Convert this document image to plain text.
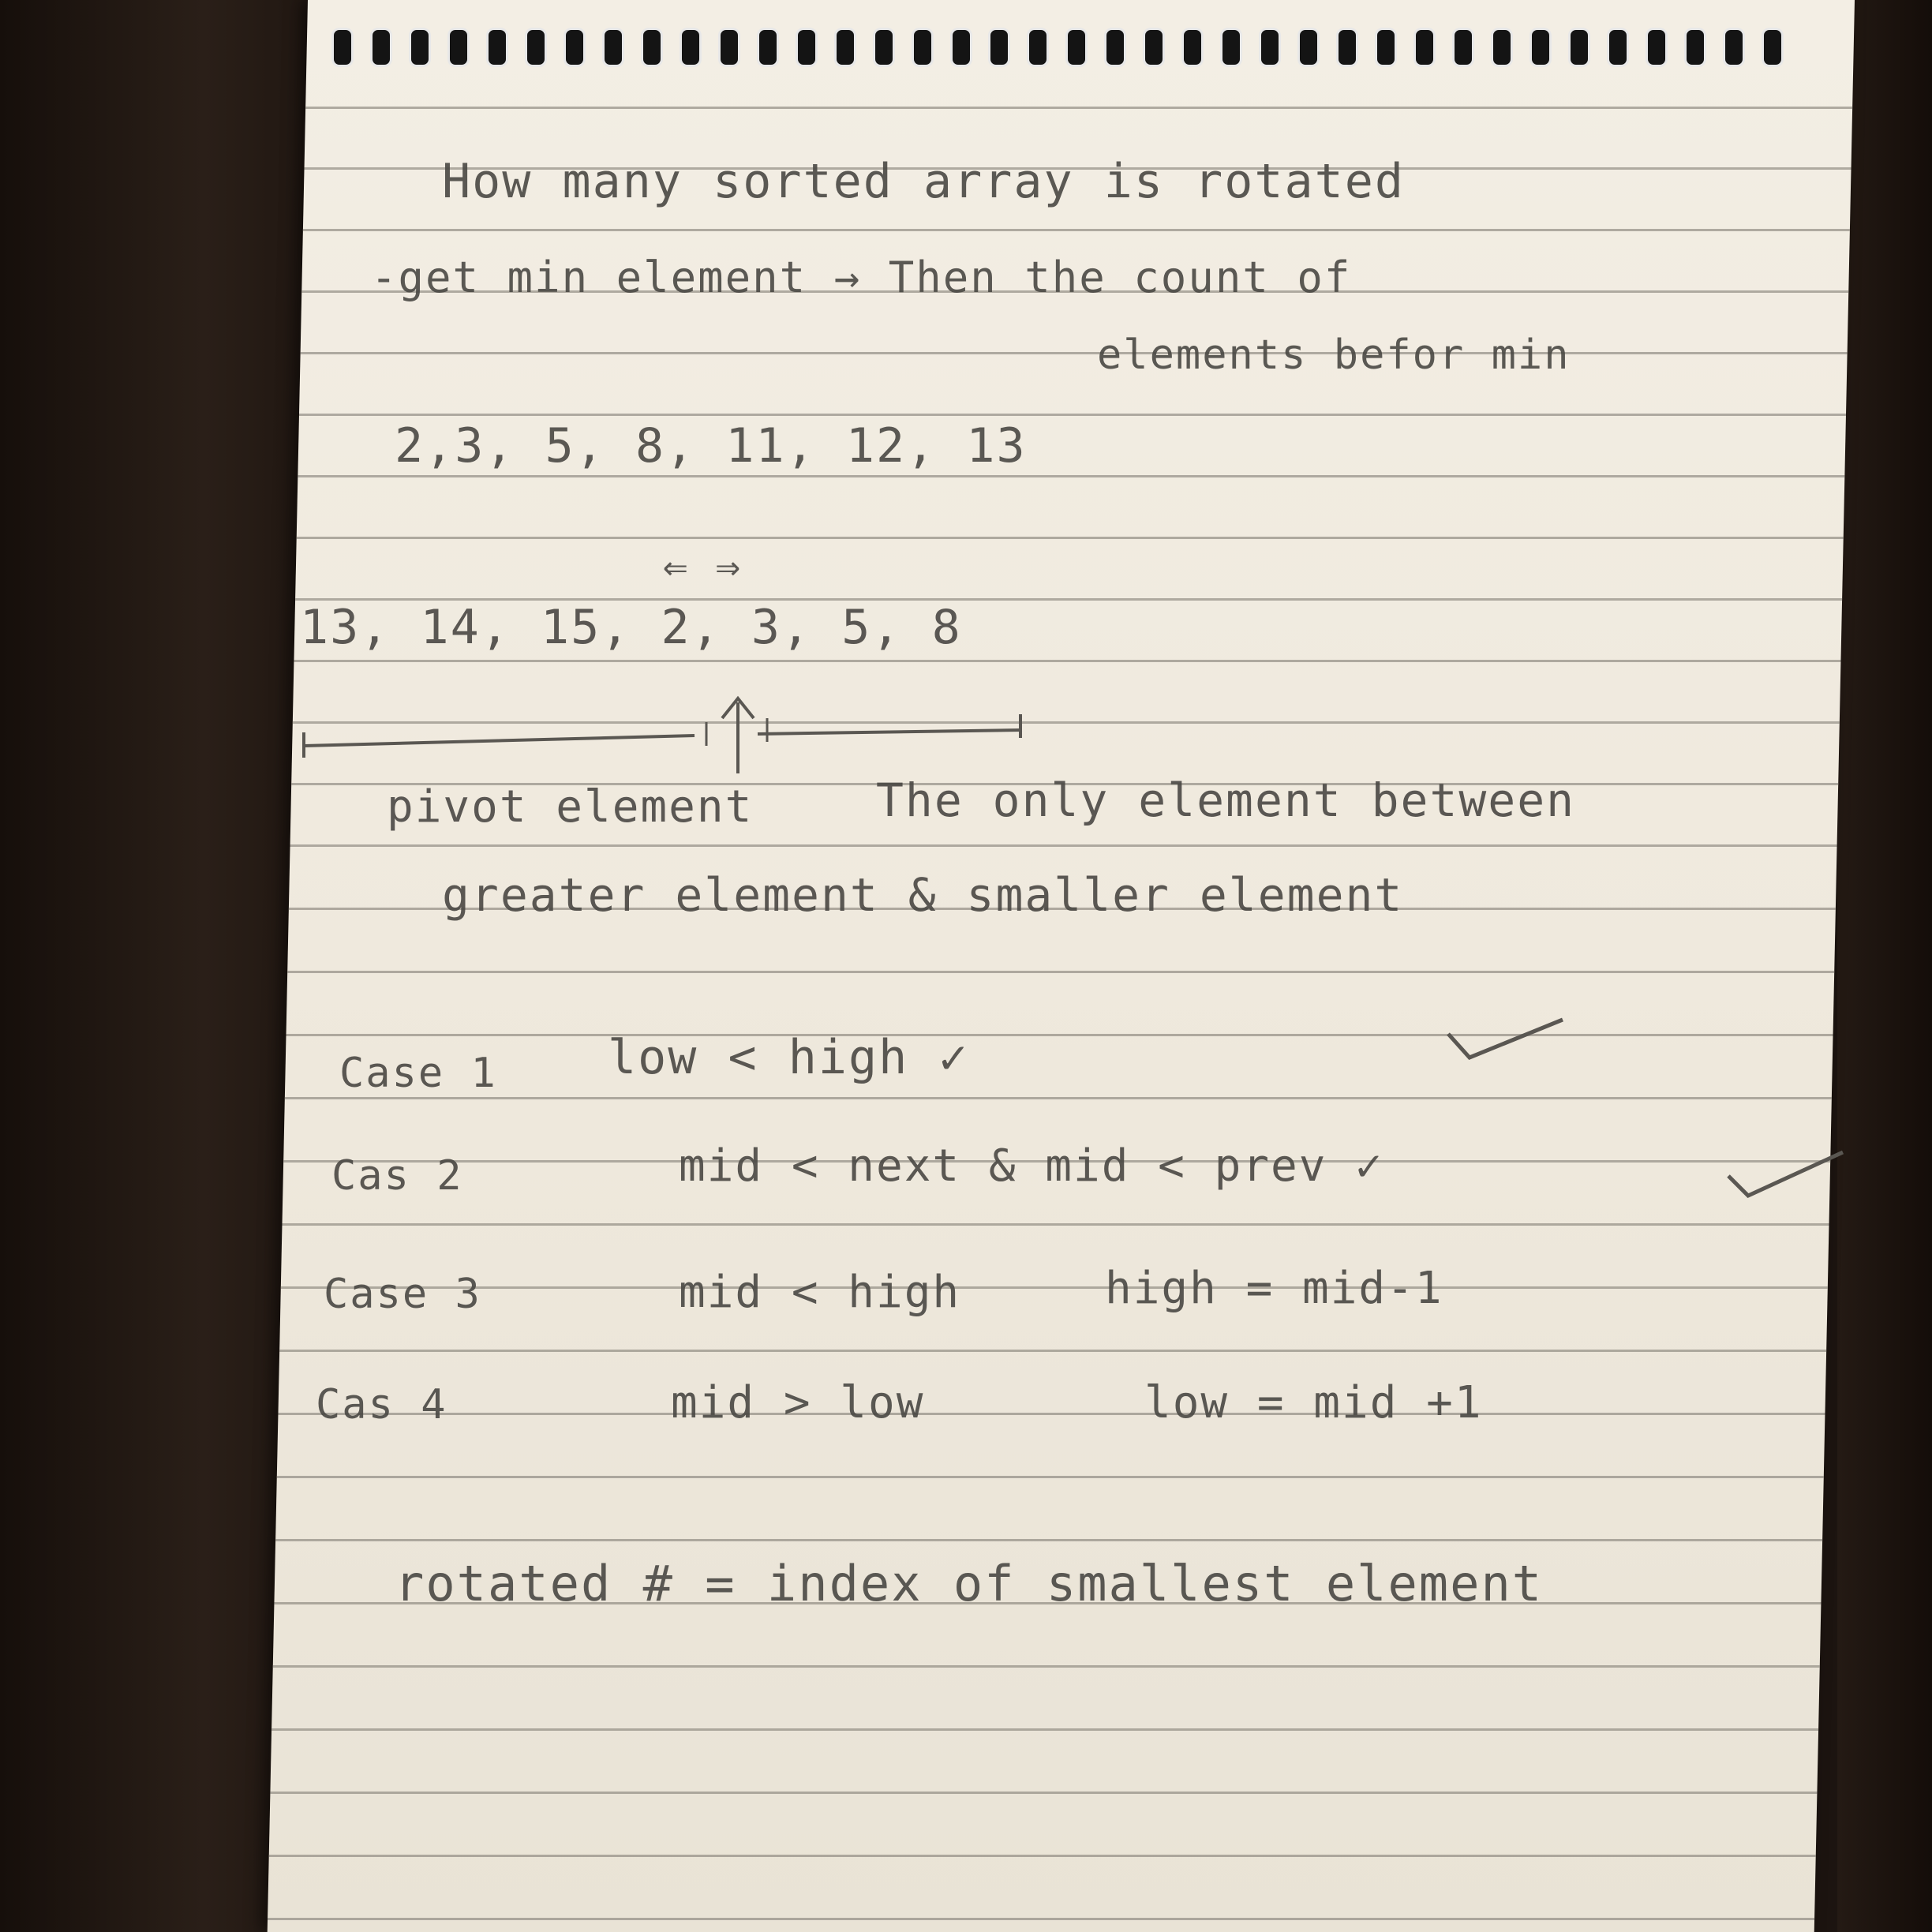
How many sorted array is rotated
-get min element → Then the count of
elements befor min
2,3, 5, 8, 11, 12, 13
⇐ ⇒
13, 14, 15, 2, 3, 5, 8
pivot element	The only element between
greater element & smaller element
Case 1 low < high ✓
Cas 2	mid < next & mid < prev ✓
Case 3	mid < high	high = mid-1
Cas 4	mid > low	low = mid +1
rotated # = index of smallest element
